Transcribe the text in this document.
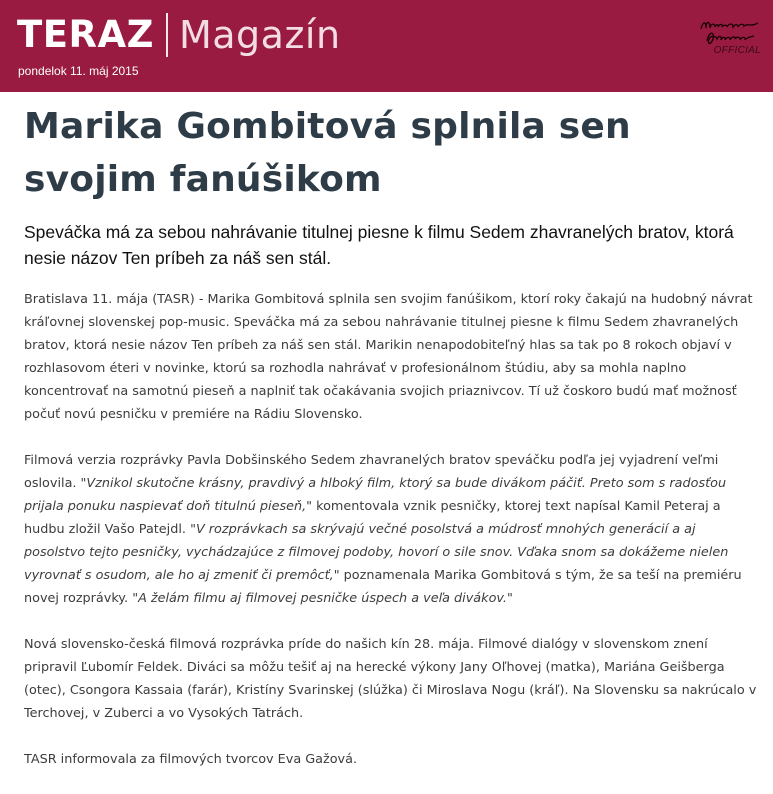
TERAZ Magazín
pondelok 11. máj 2015
OFFICIAL
Marika Gombitová splnila sen svojim fanúšikom

Speváčka má za sebou nahrávanie titulnej piesne k filmu Sedem zhavranelých bratov, ktorá nesie názov Ten príbeh za náš sen stál.

Bratislava 11. mája (TASR) - Marika Gombitová splnila sen svojim fanúšikom, ktorí roky čakajú na hudobný návrat kráľovnej slovenskej pop-music. Speváčka má za sebou nahrávanie titulnej piesne k filmu Sedem zhavranelých bratov, ktorá nesie názov Ten príbeh za náš sen stál. Marikin nenapodobiteľný hlas sa tak po 8 rokoch objaví v rozhlasovom éteri v novinke, ktorú sa rozhodla nahrávať v profesionálnom štúdiu, aby sa mohla naplno koncentrovať na samotnú pieseň a naplniť tak očakávania svojich priaznivcov. Tí už čoskoro budú mať možnosť počuť novú pesničku v premiére na Rádiu Slovensko.

Filmová verzia rozprávky Pavla Dobšinského Sedem zhavranelých bratov speváčku podľa jej vyjadrení veľmi oslovila. "Vznikol skutočne krásny, pravdivý a hlboký film, ktorý sa bude divákom páčiť. Preto som s radosťou prijala ponuku naspievať doň titulnú pieseň," komentovala vznik pesničky, ktorej text napísal Kamil Peteraj a hudbu zložil Vašo Patejdl. "V rozprávkach sa skrývajú večné posolstvá a múdrosť mnohých generácií a aj posolstvo tejto pesničky, vychádzajúce z filmovej podoby, hovorí o sile snov. Vďaka snom sa dokážeme nielen vyrovnať s osudom, ale ho aj zmeniť či premôcť," poznamenala Marika Gombitová s tým, že sa teší na premiéru novej rozprávky. "A želám filmu aj filmovej pesničke úspech a veľa divákov."

Nová slovensko-česká filmová rozprávka príde do našich kín 28. mája. Filmové dialógy v slovenskom znení pripravil Ľubomír Feldek. Diváci sa môžu tešiť aj na herecké výkony Jany Oľhovej (matka), Mariána Geišberga (otec), Csongora Kassaia (farár), Kristíny Svarinskej (slúžka) či Miroslava Nogu (kráľ). Na Slovensku sa nakrúcalo v Terchovej, v Zuberci a vo Vysokých Tatrách.

TASR informovala za filmových tvorcov Eva Gažová.
